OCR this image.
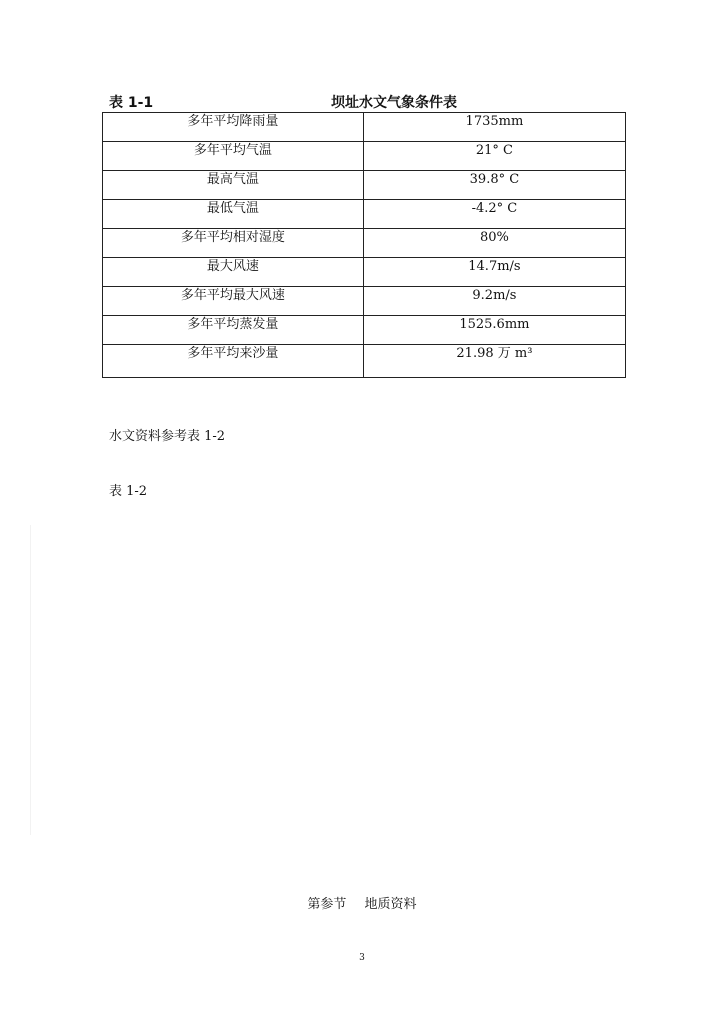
表 1-1	坝址水文气象条件表
多年平均降雨量	1735mm
多年平均气温	21° C
最高气温	39.8° C
最低气温	-4.2° C
多年平均相对湿度	80%
最大风速	14.7m/s
多年平均最大风速	9.2m/s
多年平均蒸发量	1525.6mm
多年平均来沙量	21.98 万 m³
水文资料参考表 1-2
表 1-2
第参节 地质资料
3
